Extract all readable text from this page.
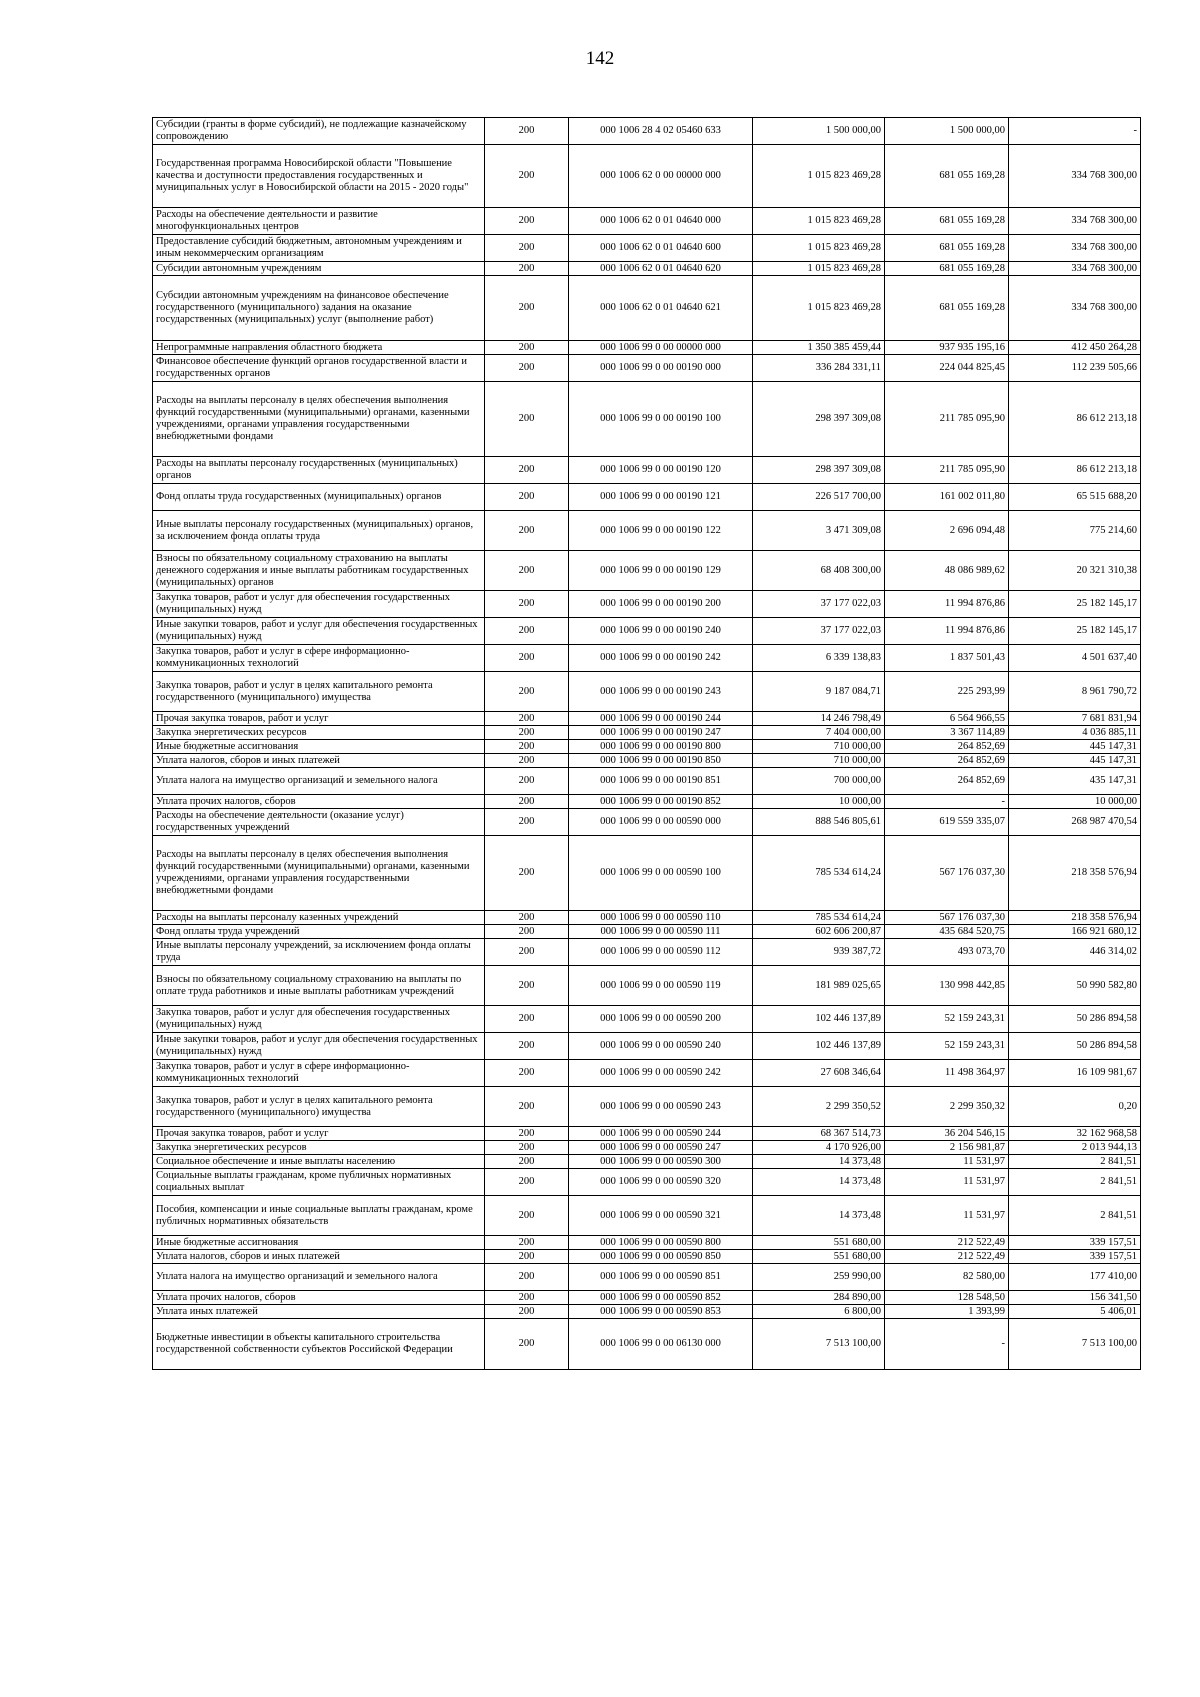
142
Субсидии (гранты в форме субсидий), не подлежащие казначейскому сопровождению	200	000 1006 28 4 02 05460 633	1 500 000,00	1 500 000,00	-
Государственная программа Новосибирской области "Повышение качества и доступности предоставления государственных и муниципальных услуг в Новосибирской области на 2015 - 2020 годы"	200	000 1006 62 0 00 00000 000	1 015 823 469,28	681 055 169,28	334 768 300,00
Расходы на обеспечение деятельности и развитие многофункциональных центров	200	000 1006 62 0 01 04640 000	1 015 823 469,28	681 055 169,28	334 768 300,00
Предоставление субсидий бюджетным, автономным учреждениям и иным некоммерческим организациям	200	000 1006 62 0 01 04640 600	1 015 823 469,28	681 055 169,28	334 768 300,00
Субсидии автономным учреждениям	200	000 1006 62 0 01 04640 620	1 015 823 469,28	681 055 169,28	334 768 300,00
Субсидии автономным учреждениям на финансовое обеспечение государственного (муниципального) задания на оказание государственных (муниципальных) услуг (выполнение работ)	200	000 1006 62 0 01 04640 621	1 015 823 469,28	681 055 169,28	334 768 300,00
Непрограммные направления областного бюджета	200	000 1006 99 0 00 00000 000	1 350 385 459,44	937 935 195,16	412 450 264,28
Финансовое обеспечение функций органов государственной власти и государственных органов	200	000 1006 99 0 00 00190 000	336 284 331,11	224 044 825,45	112 239 505,66
Расходы на выплаты персоналу в целях обеспечения выполнения функций государственными (муниципальными) органами, казенными учреждениями, органами управления государственными внебюджетными фондами	200	000 1006 99 0 00 00190 100	298 397 309,08	211 785 095,90	86 612 213,18
Расходы на выплаты персоналу государственных (муниципальных) органов	200	000 1006 99 0 00 00190 120	298 397 309,08	211 785 095,90	86 612 213,18
Фонд оплаты труда государственных (муниципальных) органов	200	000 1006 99 0 00 00190 121	226 517 700,00	161 002 011,80	65 515 688,20
Иные выплаты персоналу государственных (муниципальных) органов, за исключением фонда оплаты труда	200	000 1006 99 0 00 00190 122	3 471 309,08	2 696 094,48	775 214,60
Взносы по обязательному социальному страхованию на выплаты денежного содержания и иные выплаты работникам государственных (муниципальных) органов	200	000 1006 99 0 00 00190 129	68 408 300,00	48 086 989,62	20 321 310,38
Закупка товаров, работ и услуг для обеспечения государственных (муниципальных) нужд	200	000 1006 99 0 00 00190 200	37 177 022,03	11 994 876,86	25 182 145,17
Иные закупки товаров, работ и услуг для обеспечения государственных (муниципальных) нужд	200	000 1006 99 0 00 00190 240	37 177 022,03	11 994 876,86	25 182 145,17
Закупка товаров, работ и услуг в сфере информационно-коммуникационных технологий	200	000 1006 99 0 00 00190 242	6 339 138,83	1 837 501,43	4 501 637,40
Закупка товаров, работ и услуг в целях капитального ремонта государственного (муниципального) имущества	200	000 1006 99 0 00 00190 243	9 187 084,71	225 293,99	8 961 790,72
Прочая закупка товаров, работ и услуг	200	000 1006 99 0 00 00190 244	14 246 798,49	6 564 966,55	7 681 831,94
Закупка энергетических ресурсов	200	000 1006 99 0 00 00190 247	7 404 000,00	3 367 114,89	4 036 885,11
Иные бюджетные ассигнования	200	000 1006 99 0 00 00190 800	710 000,00	264 852,69	445 147,31
Уплата налогов, сборов и иных платежей	200	000 1006 99 0 00 00190 850	710 000,00	264 852,69	445 147,31
Уплата налога на имущество организаций и земельного налога	200	000 1006 99 0 00 00190 851	700 000,00	264 852,69	435 147,31
Уплата прочих налогов, сборов	200	000 1006 99 0 00 00190 852	10 000,00	-	10 000,00
Расходы на обеспечение деятельности (оказание услуг) государственных учреждений	200	000 1006 99 0 00 00590 000	888 546 805,61	619 559 335,07	268 987 470,54
Расходы на выплаты персоналу в целях обеспечения выполнения функций государственными (муниципальными) органами, казенными учреждениями, органами управления государственными внебюджетными фондами	200	000 1006 99 0 00 00590 100	785 534 614,24	567 176 037,30	218 358 576,94
Расходы на выплаты персоналу казенных учреждений	200	000 1006 99 0 00 00590 110	785 534 614,24	567 176 037,30	218 358 576,94
Фонд оплаты труда учреждений	200	000 1006 99 0 00 00590 111	602 606 200,87	435 684 520,75	166 921 680,12
Иные выплаты персоналу учреждений, за исключением фонда оплаты труда	200	000 1006 99 0 00 00590 112	939 387,72	493 073,70	446 314,02
Взносы по обязательному социальному страхованию на выплаты по оплате труда работников и иные выплаты работникам учреждений	200	000 1006 99 0 00 00590 119	181 989 025,65	130 998 442,85	50 990 582,80
Закупка товаров, работ и услуг для обеспечения государственных (муниципальных) нужд	200	000 1006 99 0 00 00590 200	102 446 137,89	52 159 243,31	50 286 894,58
Иные закупки товаров, работ и услуг для обеспечения государственных (муниципальных) нужд	200	000 1006 99 0 00 00590 240	102 446 137,89	52 159 243,31	50 286 894,58
Закупка товаров, работ и услуг в сфере информационно-коммуникационных технологий	200	000 1006 99 0 00 00590 242	27 608 346,64	11 498 364,97	16 109 981,67
Закупка товаров, работ и услуг в целях капитального ремонта государственного (муниципального) имущества	200	000 1006 99 0 00 00590 243	2 299 350,52	2 299 350,32	0,20
Прочая закупка товаров, работ и услуг	200	000 1006 99 0 00 00590 244	68 367 514,73	36 204 546,15	32 162 968,58
Закупка энергетических ресурсов	200	000 1006 99 0 00 00590 247	4 170 926,00	2 156 981,87	2 013 944,13
Социальное обеспечение и иные выплаты населению	200	000 1006 99 0 00 00590 300	14 373,48	11 531,97	2 841,51
Социальные выплаты гражданам, кроме публичных нормативных социальных выплат	200	000 1006 99 0 00 00590 320	14 373,48	11 531,97	2 841,51
Пособия, компенсации и иные социальные выплаты гражданам, кроме публичных нормативных обязательств	200	000 1006 99 0 00 00590 321	14 373,48	11 531,97	2 841,51
Иные бюджетные ассигнования	200	000 1006 99 0 00 00590 800	551 680,00	212 522,49	339 157,51
Уплата налогов, сборов и иных платежей	200	000 1006 99 0 00 00590 850	551 680,00	212 522,49	339 157,51
Уплата налога на имущество организаций и земельного налога	200	000 1006 99 0 00 00590 851	259 990,00	82 580,00	177 410,00
Уплата прочих налогов, сборов	200	000 1006 99 0 00 00590 852	284 890,00	128 548,50	156 341,50
Уплата иных платежей	200	000 1006 99 0 00 00590 853	6 800,00	1 393,99	5 406,01
Бюджетные инвестиции в объекты капитального строительства государственной собственности субъектов Российской Федерации	200	000 1006 99 0 00 06130 000	7 513 100,00	-	7 513 100,00
